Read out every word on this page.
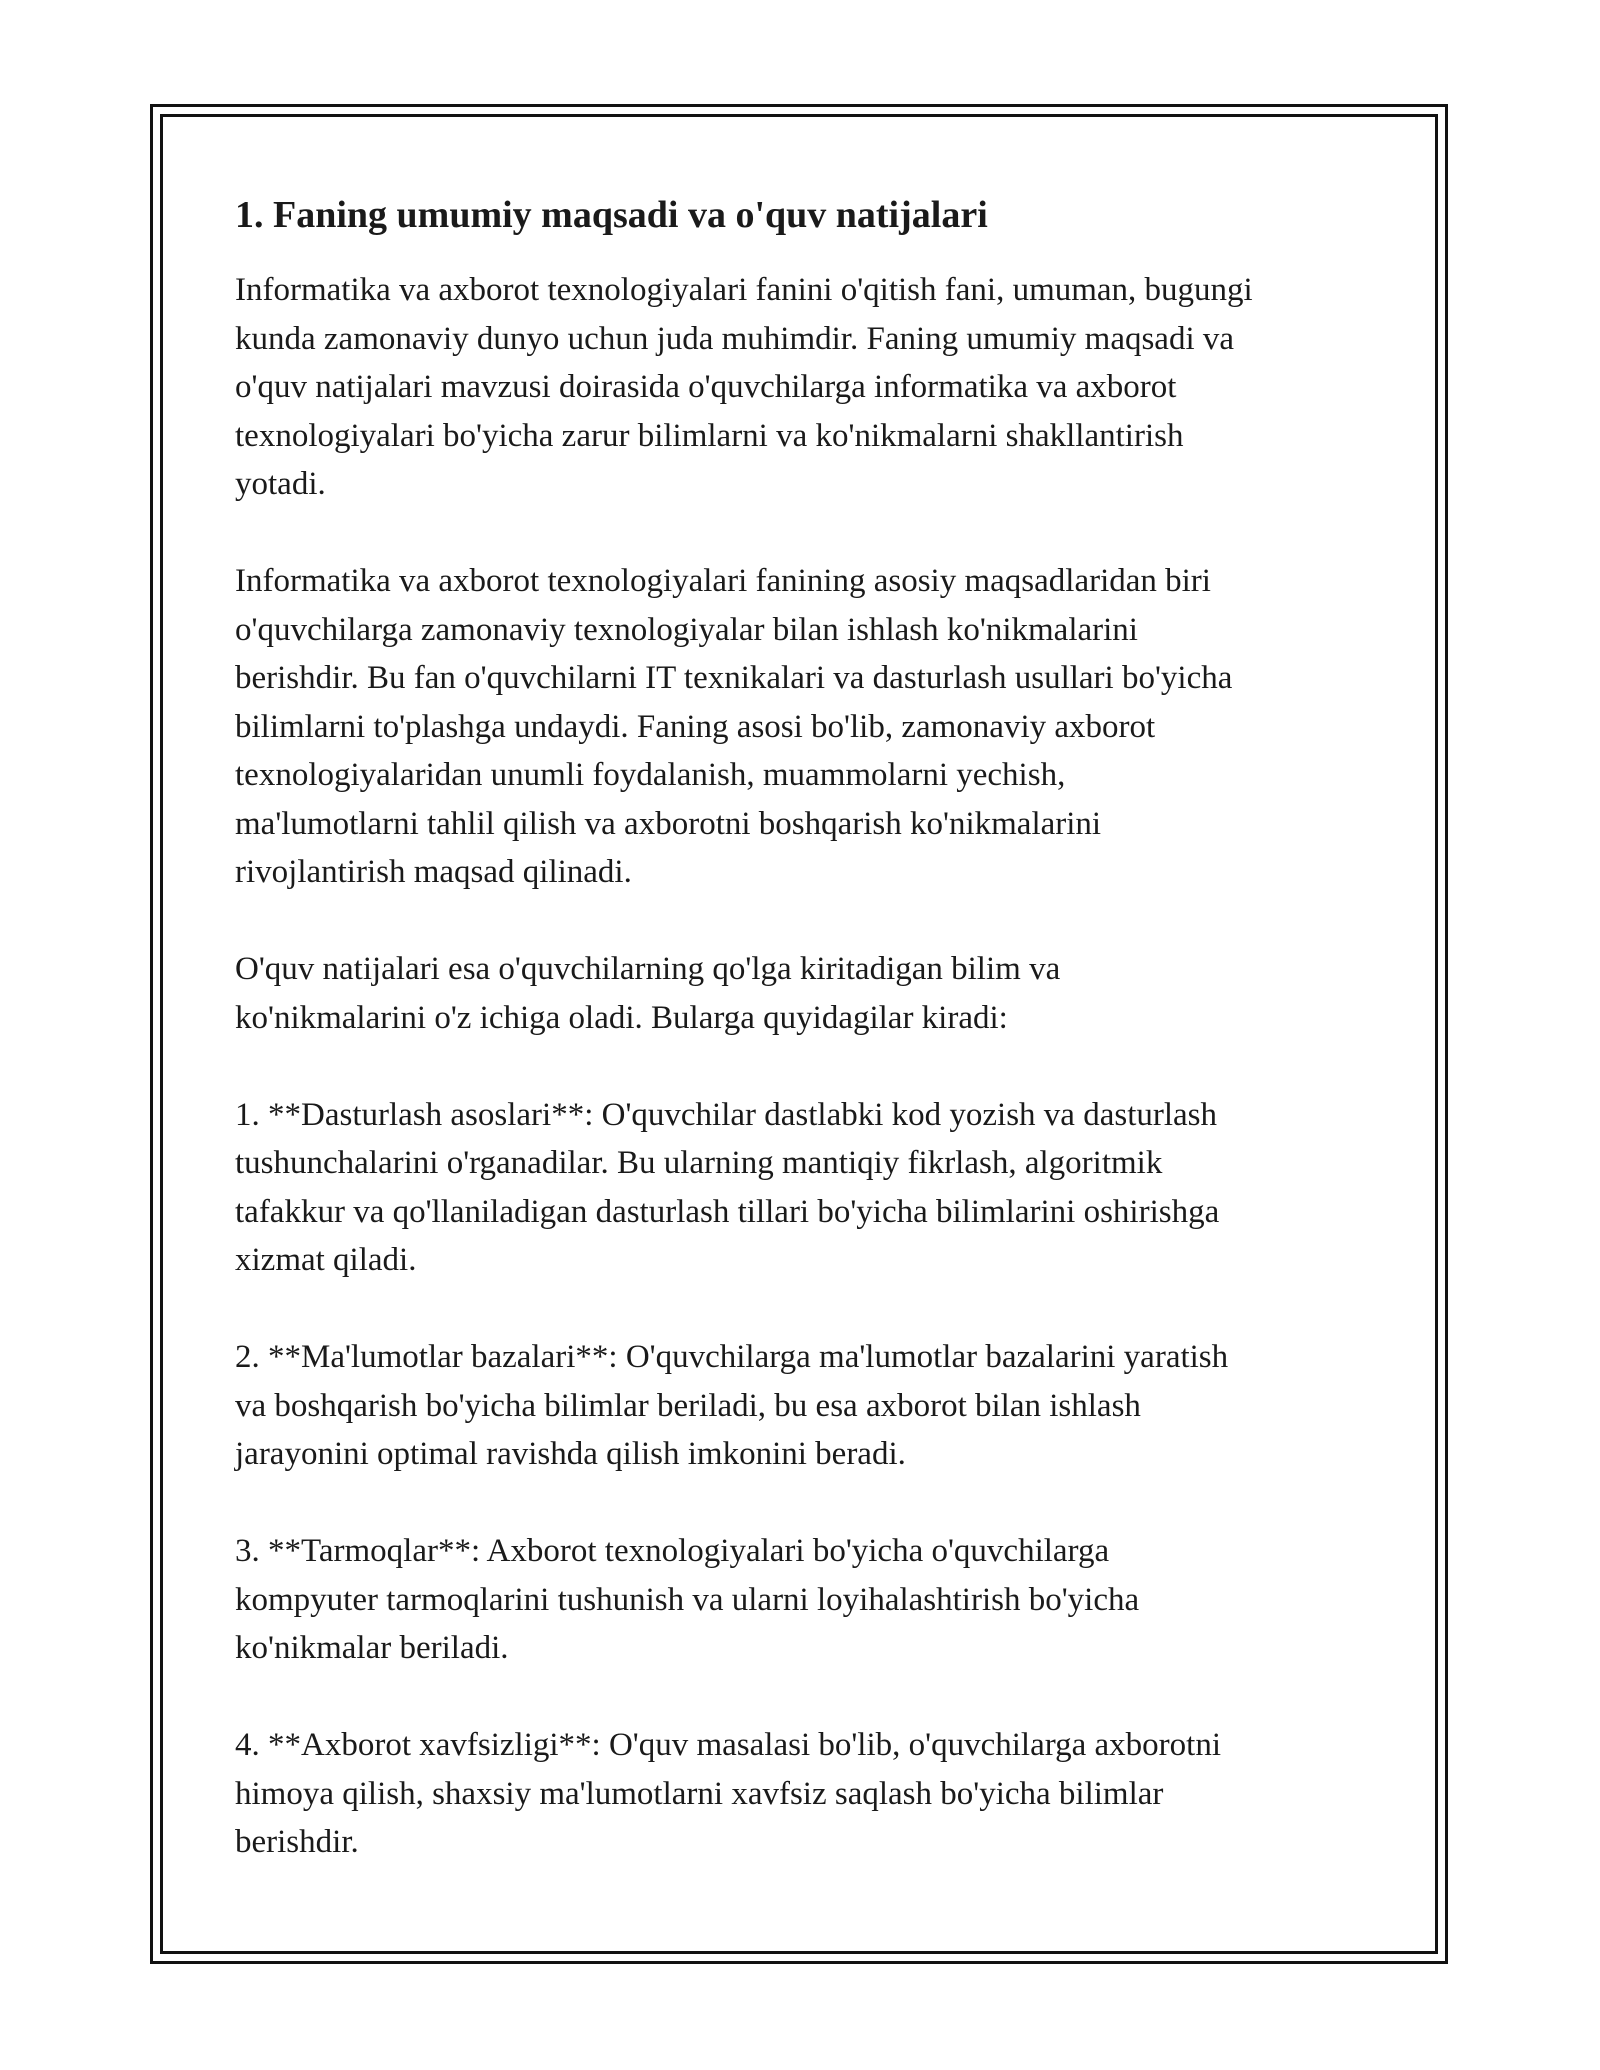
1. Faning umumiy maqsadi va o'quv natijalari

Informatika va axborot texnologiyalari fanini o'qitish fani, umuman, bugungi
kunda zamonaviy dunyo uchun juda muhimdir. Faning umumiy maqsadi va
o'quv natijalari mavzusi doirasida o'quvchilarga informatika va axborot
texnologiyalari bo'yicha zarur bilimlarni va ko'nikmalarni shakllantirish
yotadi.

Informatika va axborot texnologiyalari fanining asosiy maqsadlaridan biri
o'quvchilarga zamonaviy texnologiyalar bilan ishlash ko'nikmalarini
berishdir. Bu fan o'quvchilarni IT texnikalari va dasturlash usullari bo'yicha
bilimlarni to'plashga undaydi. Faning asosi bo'lib, zamonaviy axborot
texnologiyalaridan unumli foydalanish, muammolarni yechish,
ma'lumotlarni tahlil qilish va axborotni boshqarish ko'nikmalarini
rivojlantirish maqsad qilinadi.

O'quv natijalari esa o'quvchilarning qo'lga kiritadigan bilim va
ko'nikmalarini o'z ichiga oladi. Bularga quyidagilar kiradi:

1. **Dasturlash asoslari**: O'quvchilar dastlabki kod yozish va dasturlash
tushunchalarini o'rganadilar. Bu ularning mantiqiy fikrlash, algoritmik
tafakkur va qo'llaniladigan dasturlash tillari bo'yicha bilimlarini oshirishga
xizmat qiladi.

2. **Ma'lumotlar bazalari**: O'quvchilarga ma'lumotlar bazalarini yaratish
va boshqarish bo'yicha bilimlar beriladi, bu esa axborot bilan ishlash
jarayonini optimal ravishda qilish imkonini beradi.

3. **Tarmoqlar**: Axborot texnologiyalari bo'yicha o'quvchilarga
kompyuter tarmoqlarini tushunish va ularni loyihalashtirish bo'yicha
ko'nikmalar beriladi.

4. **Axborot xavfsizligi**: O'quv masalasi bo'lib, o'quvchilarga axborotni
himoya qilish, shaxsiy ma'lumotlarni xavfsiz saqlash bo'yicha bilimlar
berishdir.
